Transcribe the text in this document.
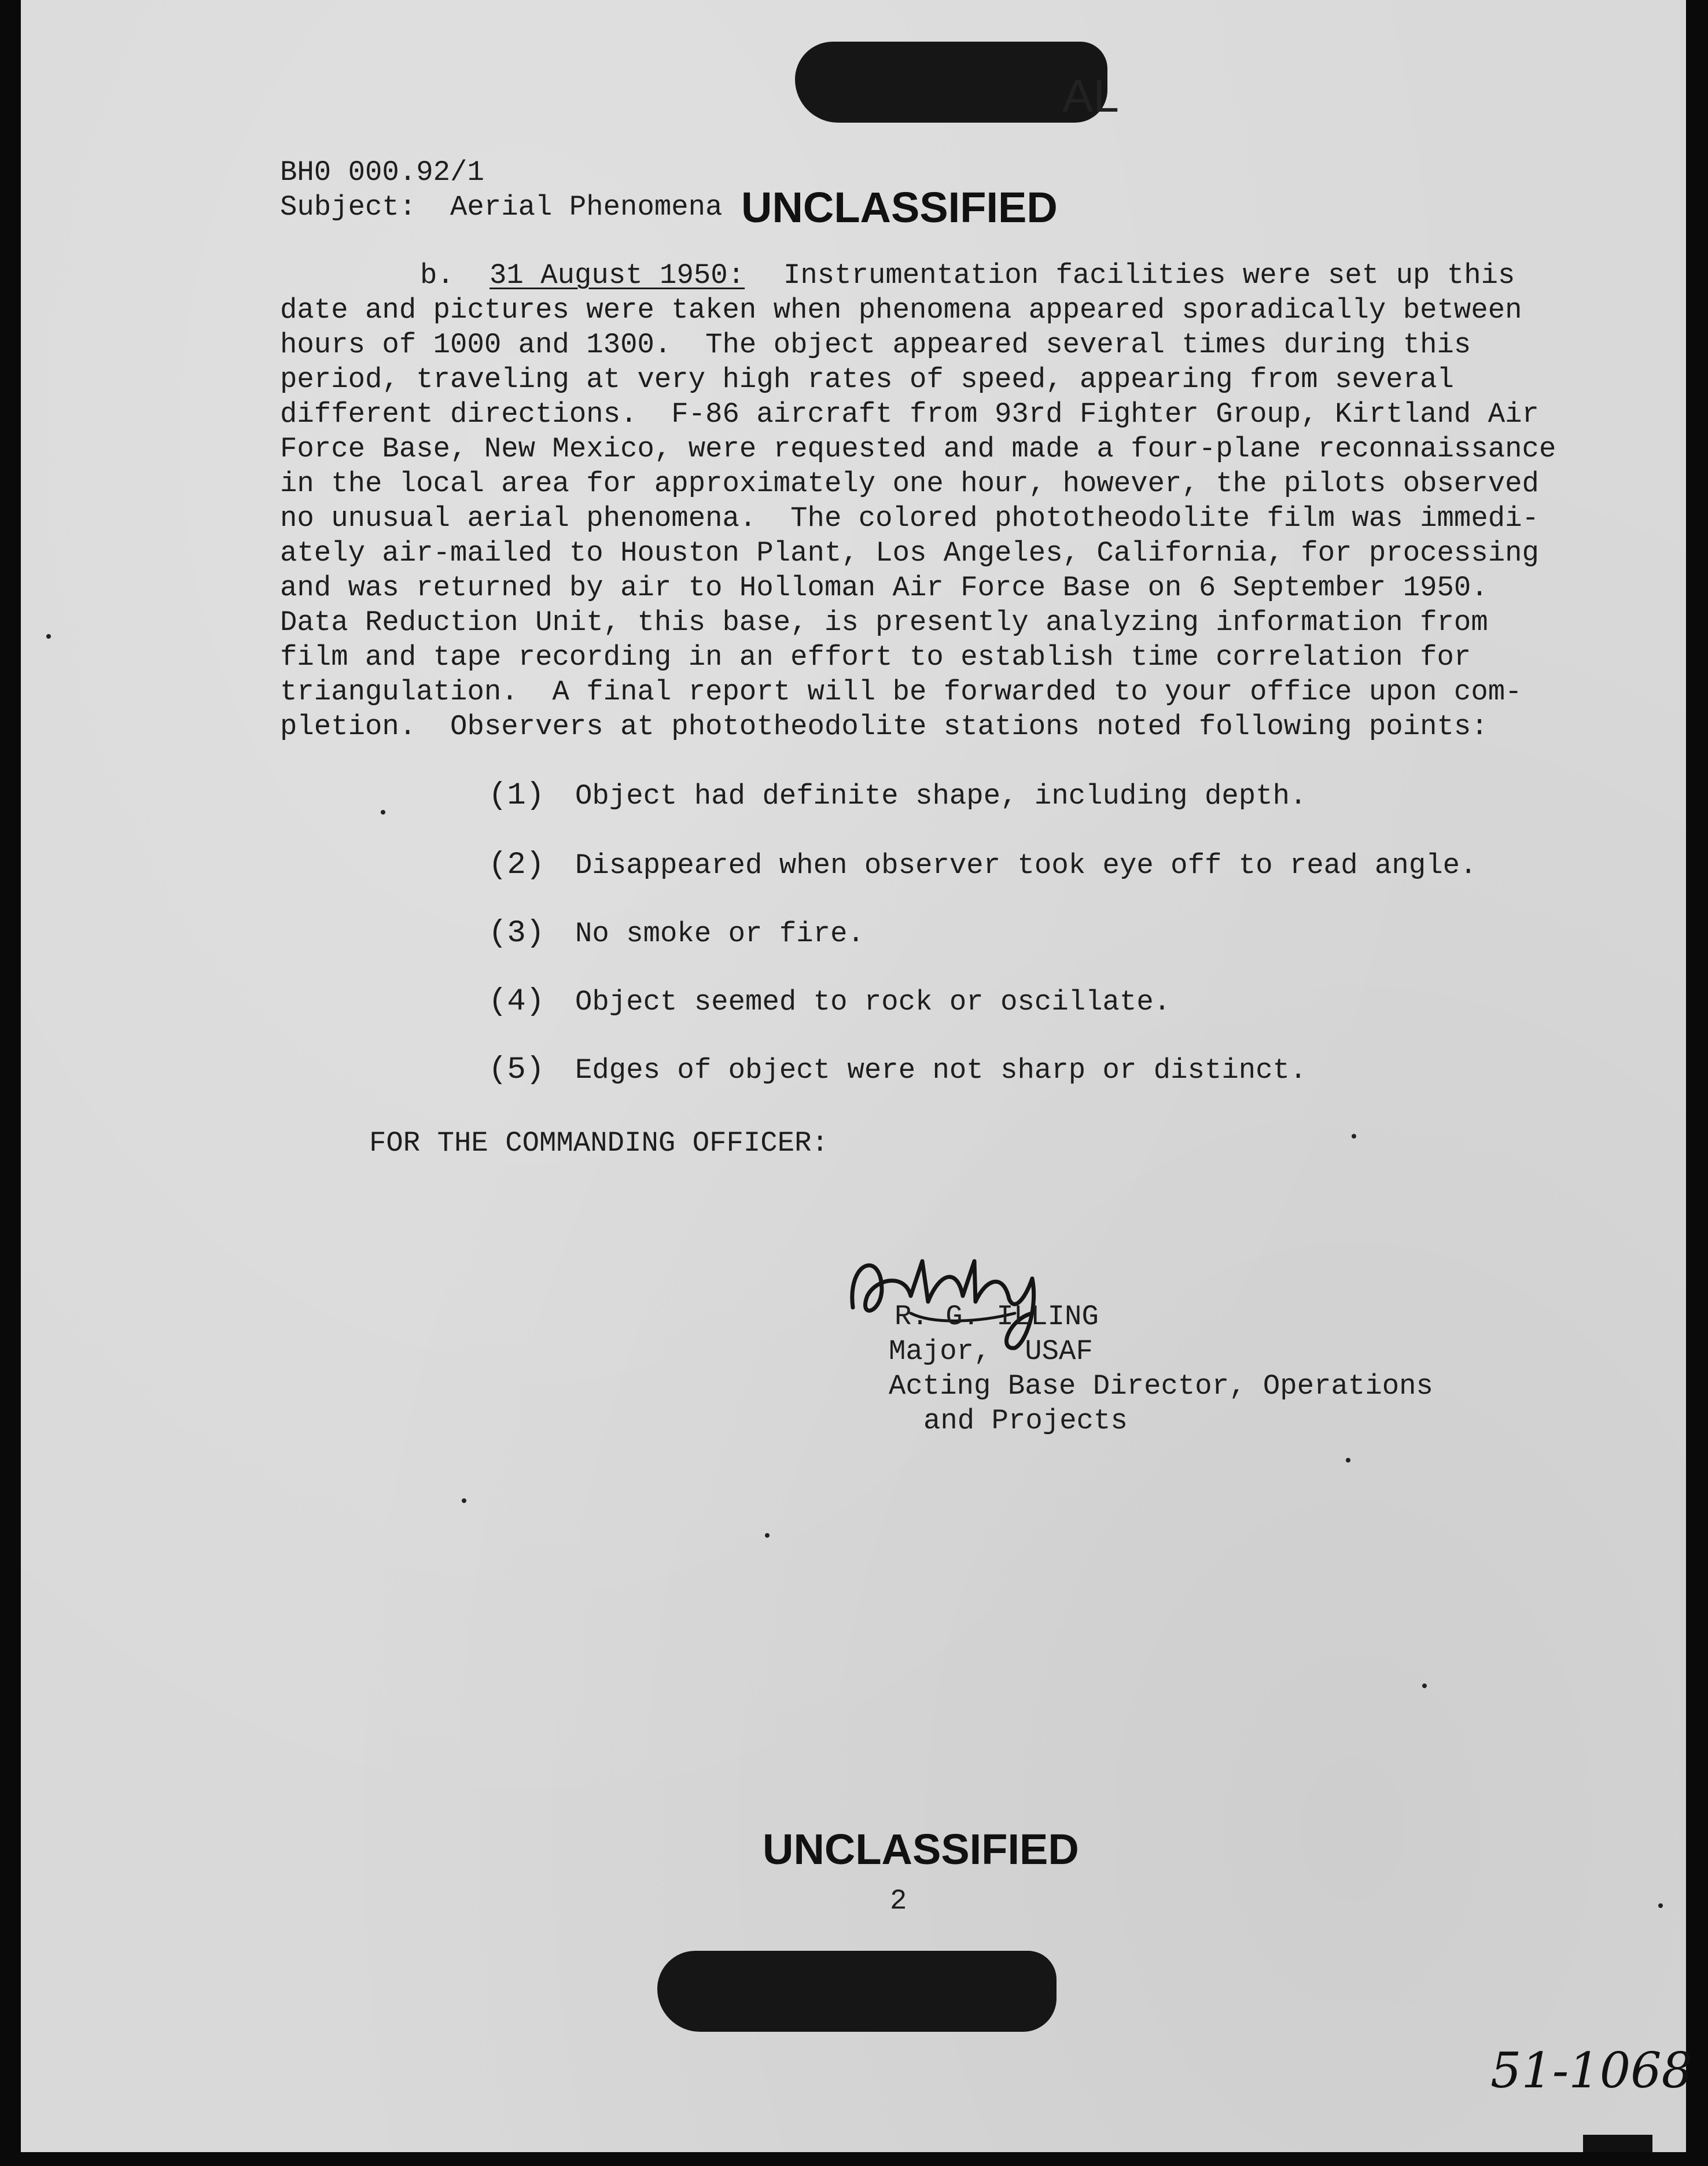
AL
BH0 000.92/1
Subject: Aerial Phenomena UNCLASSIFIED
b. 31 August 1950: Instrumentation facilities were set up this
date and pictures were taken when phenomena appeared sporadically between
hours of 1000 and 1300.  The object appeared several times during this
period, traveling at very high rates of speed, appearing from several
different directions.  F-86 aircraft from 93rd Fighter Group, Kirtland Air
Force Base, New Mexico, were requested and made a four-plane reconnaissance
in the local area for approximately one hour, however, the pilots observed
no unusual aerial phenomena.  The colored phototheodolite film was immedi-
ately air-mailed to Houston Plant, Los Angeles, California, for processing
and was returned by air to Holloman Air Force Base on 6 September 1950.
Data Reduction Unit, this base, is presently analyzing information from
film and tape recording in an effort to establish time correlation for
triangulation.  A final report will be forwarded to your office upon com-
pletion.  Observers at phototheodolite stations noted following points:
(1) Object had definite shape, including depth.
(2) Disappeared when observer took eye off to read angle.
(3) No smoke or fire.
(4) Object seemed to rock or oscillate.
(5) Edges of object were not sharp or distinct.
FOR THE COMMANDING OFFICER:
R. G. ILLING
Major,  USAF
Acting Base Director, Operations
and Projects
UNCLASSIFIED
2
51-1068
